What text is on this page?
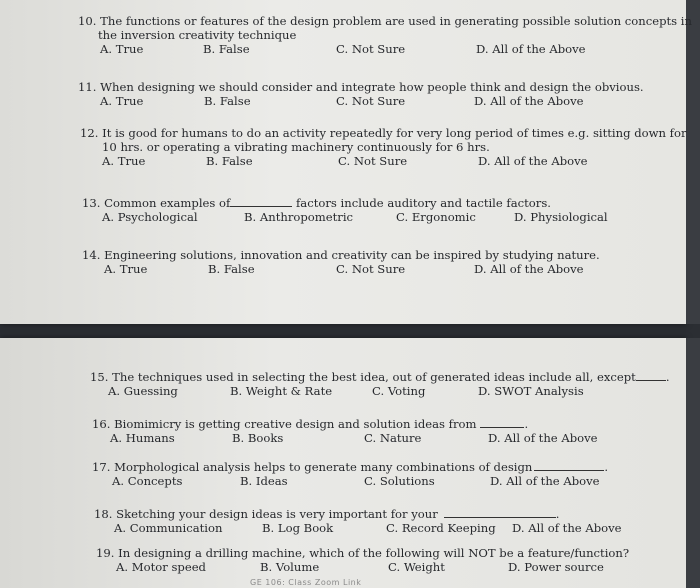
10. The functions or features of the design problem are used in generating possible solution concepts in
the inversion creativity technique
A. True	B. False	C. Not Sure	D. All of the Above
11. When designing we should consider and integrate how people think and design the obvious.
A. True	B. False	C. Not Sure	D. All of the Above
12. It is good for humans to do an activity repeatedly for very long period of times e.g. sitting down for
10 hrs. or operating a vibrating machinery continuously for 6 hrs.
A. True	B. False	C. Not Sure	D. All of the Above
13. Common examples of	factors include auditory and tactile factors.
A. Psychological	B. Anthropometric	C. Ergonomic	D. Physiological
14. Engineering solutions, innovation and creativity can be inspired by studying nature.
A. True	B. False	C. Not Sure	D. All of the Above
15. The techniques used in selecting the best idea, out of generated ideas include all, except	.
A. Guessing	B. Weight & Rate	C. Voting	D. SWOT Analysis
16. Biomimicry is getting creative design and solution ideas from	.
A. Humans	B. Books	C. Nature	D. All of the Above
17. Morphological analysis helps to generate many combinations of design	.
A. Concepts	B. Ideas	C. Solutions	D. All of the Above
18. Sketching your design ideas is very important for your	.
A. Communication	B. Log Book	C. Record Keeping D. All of the Above
19. In designing a drilling machine, which of the following will NOT be a feature/function?
A. Motor speed	B. Volume	C. Weight	D. Power source
GE 106: Class Zoom Link
